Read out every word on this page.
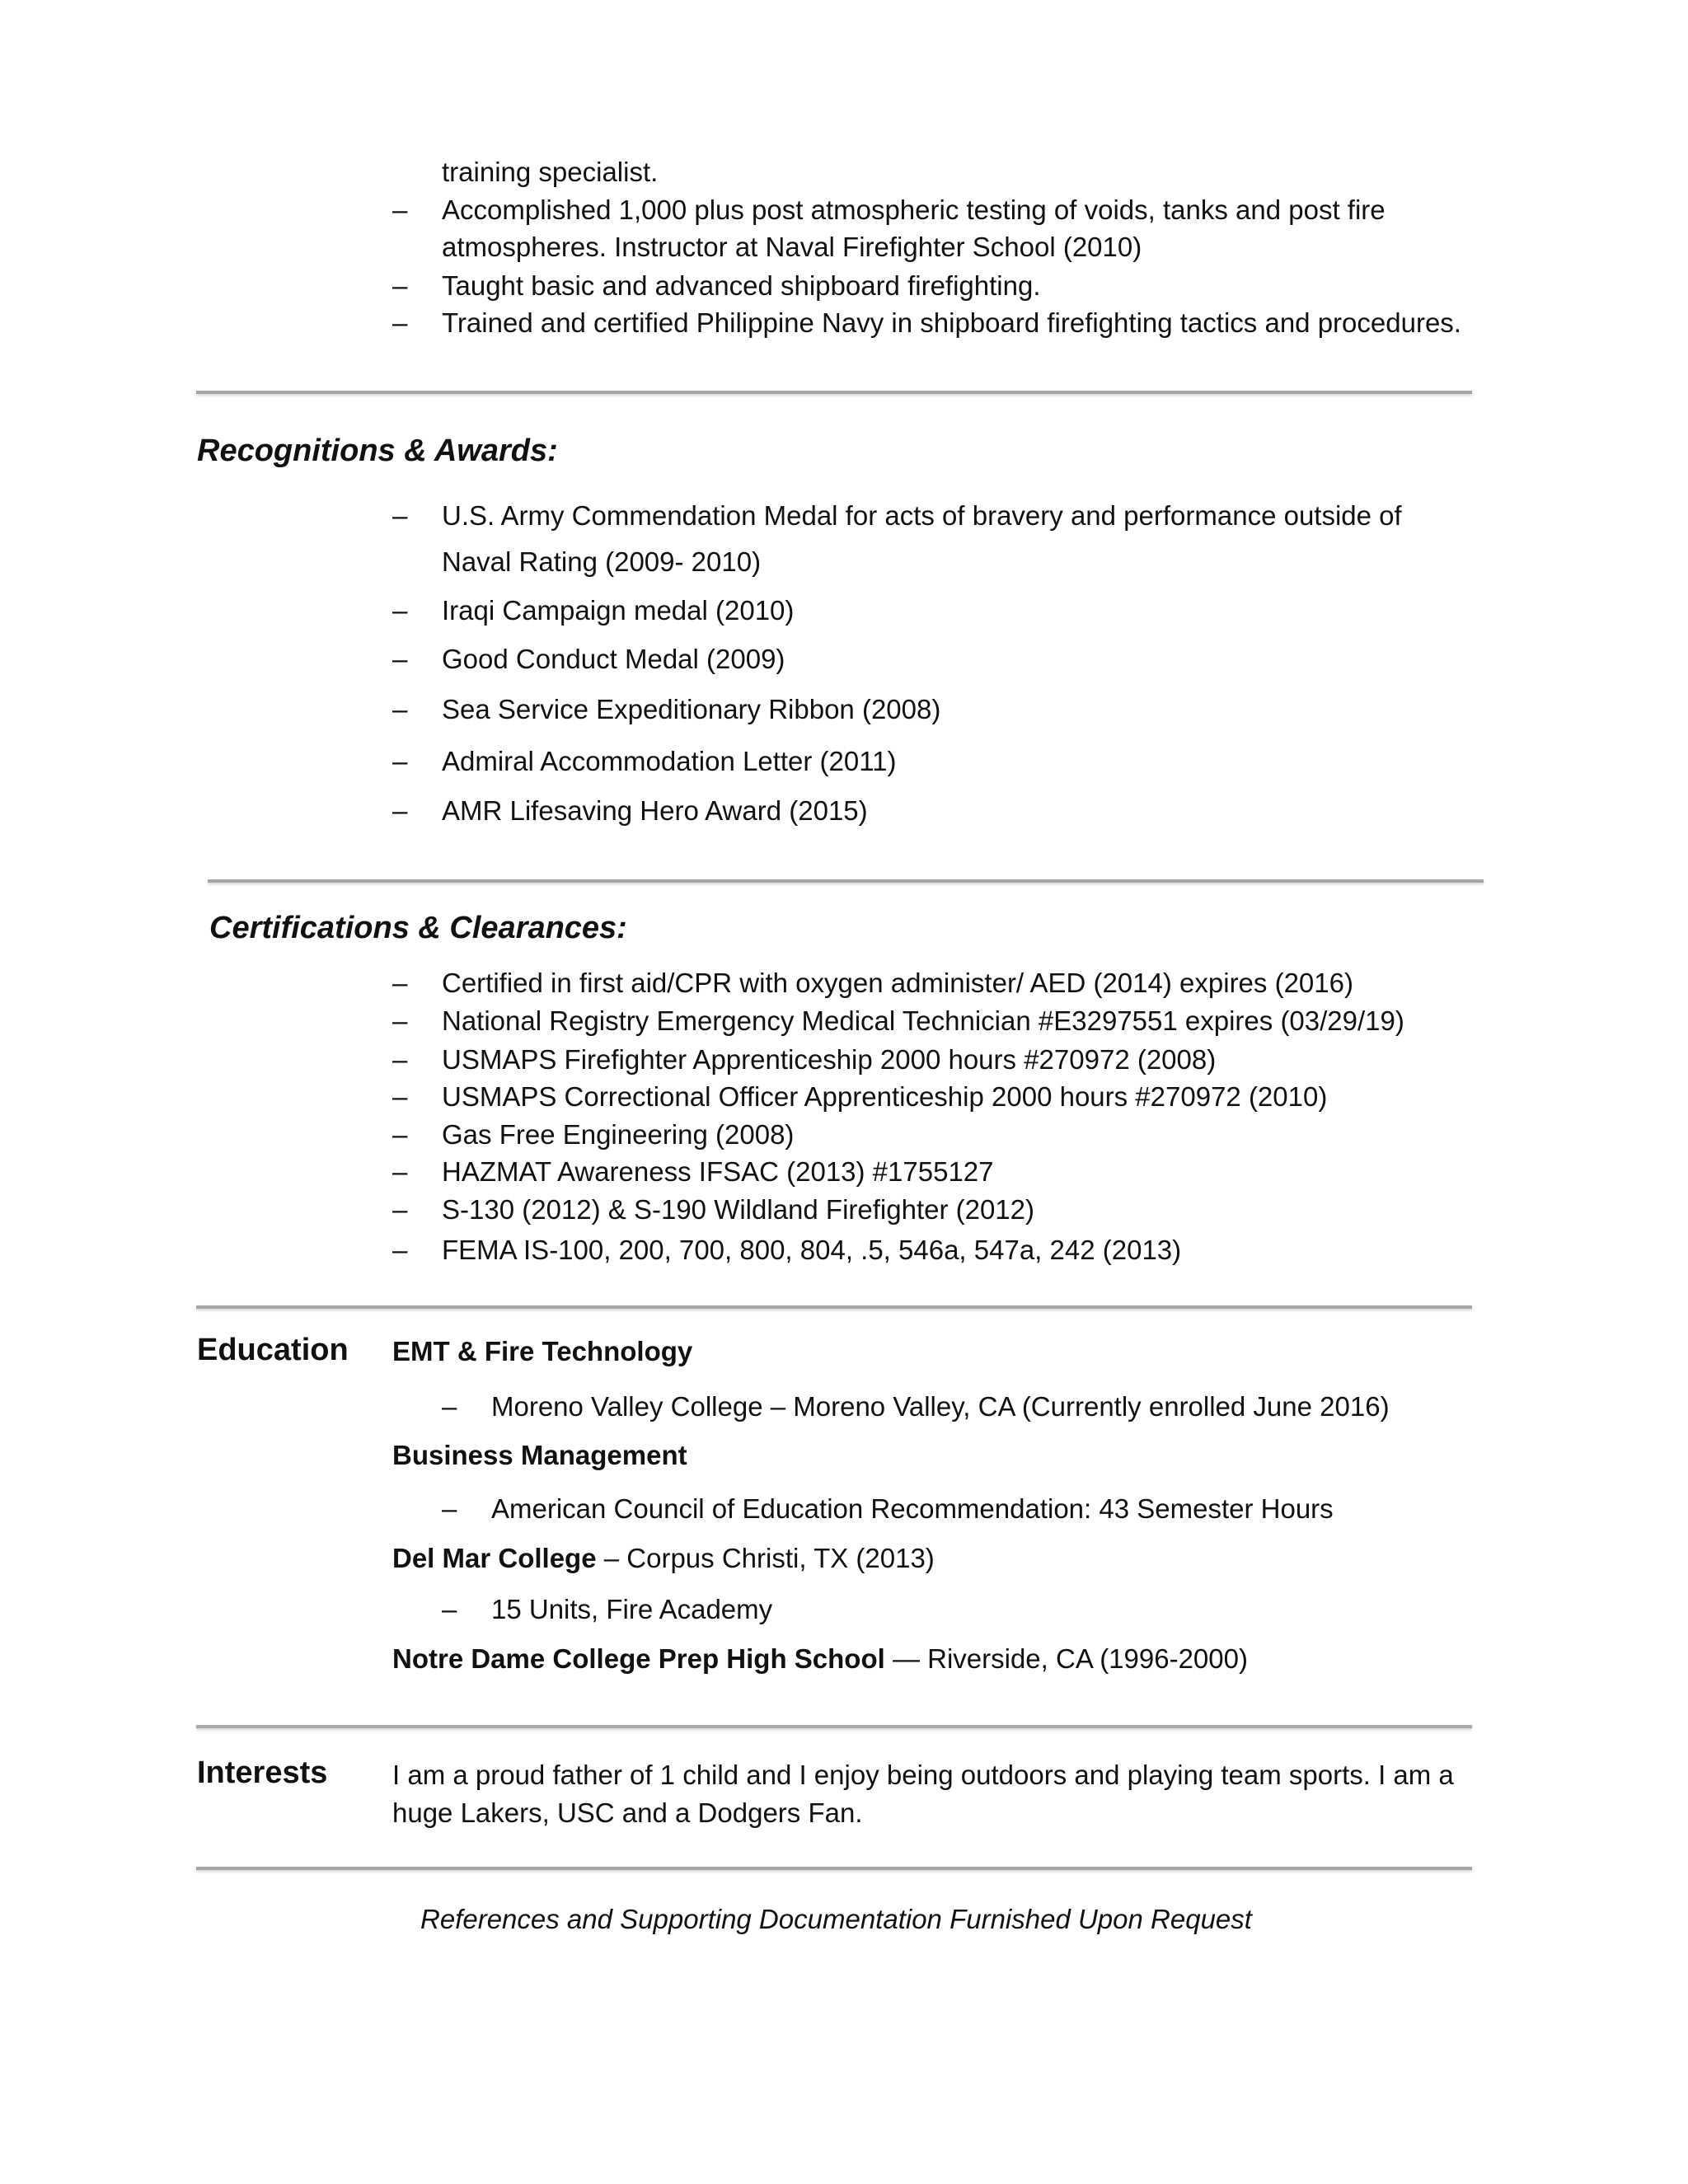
training specialist.
– Accomplished 1,000 plus post atmospheric testing of voids, tanks and post fire
atmospheres. Instructor at Naval Firefighter School (2010)
– Taught basic and advanced shipboard firefighting.
– Trained and certified Philippine Navy in shipboard firefighting tactics and procedures.
Recognitions & Awards:
– U.S. Army Commendation Medal for acts of bravery and performance outside of
Naval Rating (2009- 2010)
– Iraqi Campaign medal (2010)
– Good Conduct Medal (2009)
– Sea Service Expeditionary Ribbon (2008)
– Admiral Accommodation Letter (2011)
– AMR Lifesaving Hero Award (2015)
Certifications & Clearances:
– Certified in first aid/CPR with oxygen administer/ AED (2014) expires (2016)
– National Registry Emergency Medical Technician #E3297551 expires (03/29/19)
– USMAPS Firefighter Apprenticeship 2000 hours #270972 (2008)
– USMAPS Correctional Officer Apprenticeship 2000 hours #270972 (2010)
– Gas Free Engineering (2008)
– HAZMAT Awareness IFSAC (2013) #1755127
– S-130 (2012) & S-190 Wildland Firefighter (2012)
– FEMA IS-100, 200, 700, 800, 804, .5, 546a, 547a, 242 (2013)
Education EMT & Fire Technology
– Moreno Valley College – Moreno Valley, CA (Currently enrolled June 2016)
Business Management
– American Council of Education Recommendation: 43 Semester Hours
Del Mar College – Corpus Christi, TX (2013)
– 15 Units, Fire Academy
Notre Dame College Prep High School — Riverside, CA (1996-2000)
Interests I am a proud father of 1 child and I enjoy being outdoors and playing team sports. I am a
huge Lakers, USC and a Dodgers Fan.
References and Supporting Documentation Furnished Upon Request
